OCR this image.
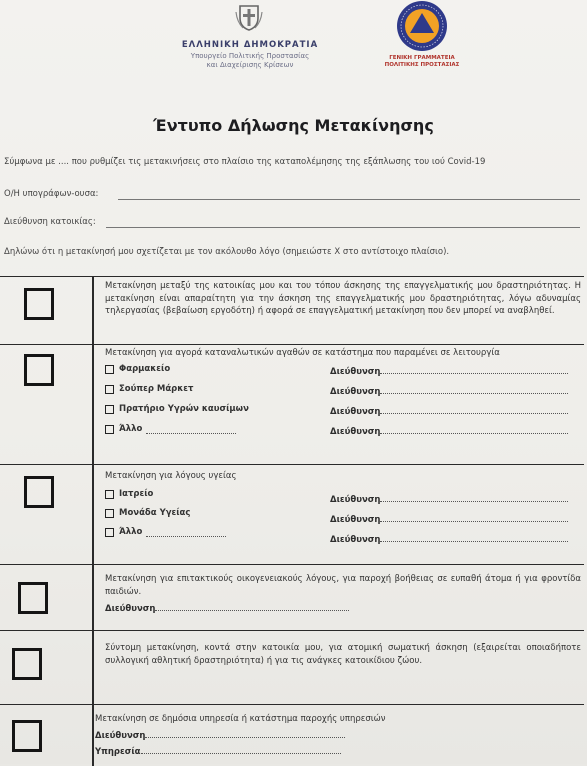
ΕΛΛΗΝΙΚΗ ΔΗΜΟΚΡΑΤΙΑ
Υπουργείο Πολιτικής Προστασίας
και Διαχείρισης Κρίσεων
ΓΕΝΙΚΗ ΓΡΑΜΜΑΤΕΙΑ
ΠΟΛΙΤΙΚΗΣ ΠΡΟΣΤΑΣΙΑΣ
Έντυπο Δήλωσης Μετακίνησης
Σύμφωνα με .... που ρυθμίζει τις μετακινήσεις στο πλαίσιο της καταπολέμησης της εξάπλωσης του ιού Covid-19
Ο/Η υπογράφων-ουσα:
Διεύθυνση κατοικίας:
Δηλώνω ότι η μετακίνησή μου σχετίζεται με τον ακόλουθο λόγο (σημειώστε Χ στο αντίστοιχο πλαίσιο).
Μετακίνηση μεταξύ της κατοικίας μου και του τόπου άσκησης της επαγγελματικής μου δραστηριότητας. Η μετακίνηση είναι απαραίτητη για την άσκηση της επαγγελματικής μου δραστηριότητας, λόγω αδυναμίας τηλεργασίας (βεβαίωση εργοδότη) ή αφορά σε επαγγελματική μετακίνηση που δεν μπορεί να αναβληθεί.
Μετακίνηση για αγορά καταναλωτικών αγαθών σε κατάστημα που παραμένει σε λειτουργία
Φαρμακείο	Διεύθυνση
Σούπερ Μάρκετ	Διεύθυνση
Πρατήριο Υγρών καυσίμων	Διεύθυνση
Άλλο	Διεύθυνση
Μετακίνηση για λόγους υγείας
Ιατρείο
Διεύθυνση
Μονάδα Υγείας
Διεύθυνση
Άλλο
Διεύθυνση
Μετακίνηση για επιτακτικούς οικογενειακούς λόγους, για παροχή βοήθειας σε ευπαθή άτομα ή για φροντίδα παιδιών.
Διεύθυνση
Σύντομη μετακίνηση, κοντά στην κατοικία μου, για ατομική σωματική άσκηση (εξαιρείται οποιαδήποτε συλλογική αθλητική δραστηριότητα) ή για τις ανάγκες κατοικίδιου ζώου.
Μετακίνηση σε δημόσια υπηρεσία ή κατάστημα παροχής υπηρεσιών
Διεύθυνση
Υπηρεσία
